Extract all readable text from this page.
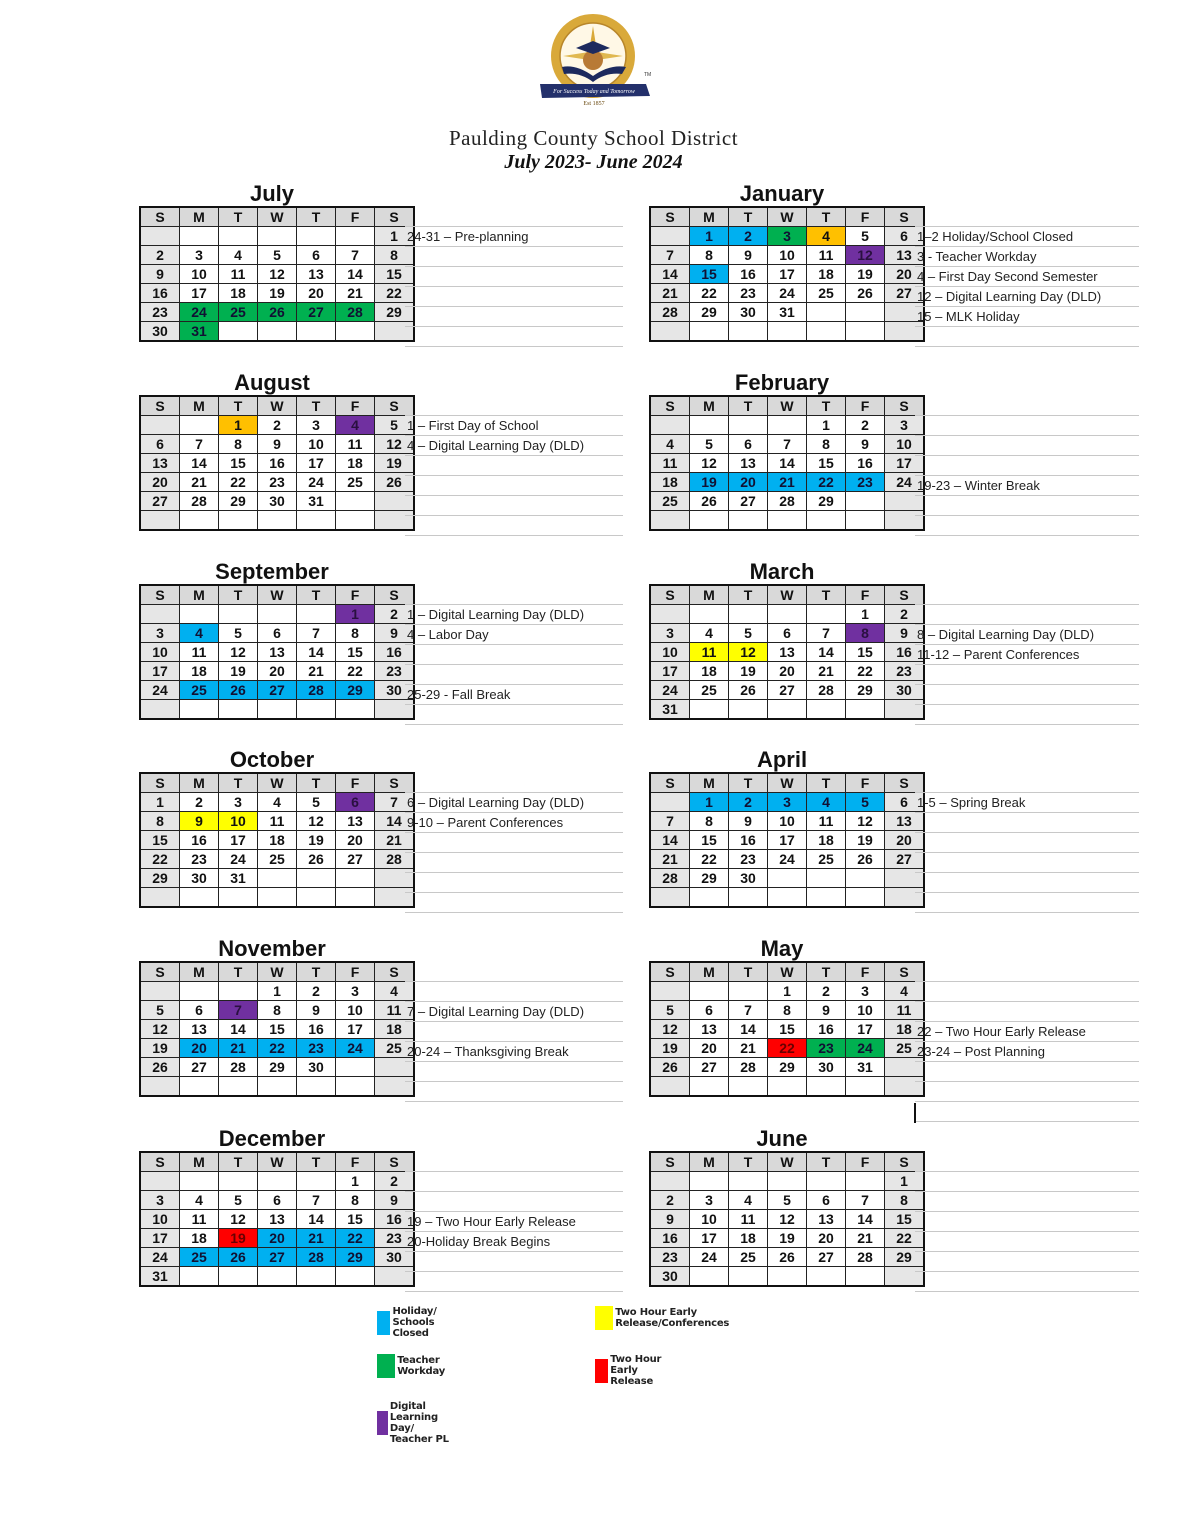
For Success Today and Tomorrow
Est 1857
TM
Paulding County School District
July 2023- June 2024
July
S	M	T	W	T	F	S
						1
2	3	4	5	6	7	8
9	10	11	12	13	14	15
16	17	18	19	20	21	22
23	24	25	26	27	28	29
30	31					
24-31 – Pre-planning
August
S	M	T	W	T	F	S
		1	2	3	4	5
6	7	8	9	10	11	12
13	14	15	16	17	18	19
20	21	22	23	24	25	26
27	28	29	30	31		

1 – First Day of School
4 – Digital Learning Day (DLD)
September
S	M	T	W	T	F	S
					1	2
3	4	5	6	7	8	9
10	11	12	13	14	15	16
17	18	19	20	21	22	23
24	25	26	27	28	29	30

1 – Digital Learning Day (DLD)
4 – Labor Day
25-29 - Fall Break
October
S	M	T	W	T	F	S
1	2	3	4	5	6	7
8	9	10	11	12	13	14
15	16	17	18	19	20	21
22	23	24	25	26	27	28
29	30	31				

6 – Digital Learning Day (DLD)
9-10 – Parent Conferences
November
S	M	T	W	T	F	S
			1	2	3	4
5	6	7	8	9	10	11
12	13	14	15	16	17	18
19	20	21	22	23	24	25
26	27	28	29	30		

7 – Digital Learning Day (DLD)
20-24 – Thanksgiving Break
December
S	M	T	W	T	F	S
					1	2
3	4	5	6	7	8	9
10	11	12	13	14	15	16
17	18	19	20	21	22	23
24	25	26	27	28	29	30
31						
19 – Two Hour Early Release
20-Holiday Break Begins
January
S	M	T	W	T	F	S
	1	2	3	4	5	6
7	8	9	10	11	12	13
14	15	16	17	18	19	20
21	22	23	24	25	26	27
28	29	30	31			

1–2 Holiday/School Closed
3 - Teacher Workday
4 – First Day Second Semester
12 – Digital Learning Day (DLD)
15 – MLK Holiday
February
S	M	T	W	T	F	S
				1	2	3
4	5	6	7	8	9	10
11	12	13	14	15	16	17
18	19	20	21	22	23	24
25	26	27	28	29		

19-23 – Winter Break
March
S	M	T	W	T	F	S
					1	2
3	4	5	6	7	8	9
10	11	12	13	14	15	16
17	18	19	20	21	22	23
24	25	26	27	28	29	30
31						
8 – Digital Learning Day (DLD)
11-12 – Parent Conferences
April
S	M	T	W	T	F	S
	1	2	3	4	5	6
7	8	9	10	11	12	13
14	15	16	17	18	19	20
21	22	23	24	25	26	27
28	29	30				

1-5 – Spring Break
May
S	M	T	W	T	F	S
			1	2	3	4
5	6	7	8	9	10	11
12	13	14	15	16	17	18
19	20	21	22	23	24	25
26	27	28	29	30	31	

22 – Two Hour Early Release
23-24 – Post Planning
June
S	M	T	W	T	F	S
						1
2	3	4	5	6	7	8
9	10	11	12	13	14	15
16	17	18	19	20	21	22
23	24	25	26	27	28	29
30						
Holiday/ Schools Closed
Two Hour Early Release/Conferences
Teacher Workday
Two Hour Early Release
Digital Learning Day/ Teacher PL
